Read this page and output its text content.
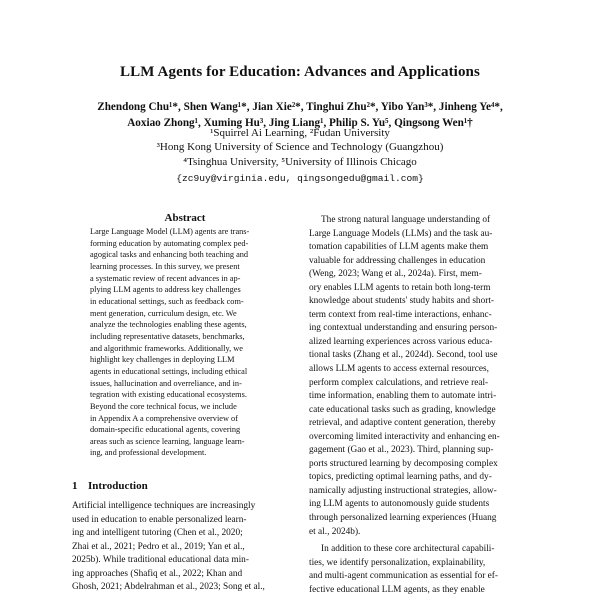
LLM Agents for Education: Advances and Applications
Zhendong Chu¹*, Shen Wang¹*, Jian Xie²*, Tinghui Zhu²*, Yibo Yan³*, Jinheng Ye⁴*,
Aoxiao Zhong¹, Xuming Hu³, Jing Liang¹, Philip S. Yu⁵, Qingsong Wen¹†
¹Squirrel Ai Learning, ²Fudan University
³Hong Kong University of Science and Technology (Guangzhou)
⁴Tsinghua University, ⁵University of Illinois Chicago
{zc9uy@virginia.edu, qingsongedu@gmail.com}
Abstract
Large Language Model (LLM) agents are trans-
forming education by automating complex ped-
agogical tasks and enhancing both teaching and
learning processes. In this survey, we present
a systematic review of recent advances in ap-
plying LLM agents to address key challenges
in educational settings, such as feedback com-
ment generation, curriculum design, etc. We
analyze the technologies enabling these agents,
including representative datasets, benchmarks,
and algorithmic frameworks. Additionally, we
highlight key challenges in deploying LLM
agents in educational settings, including ethical
issues, hallucination and overreliance, and in-
tegration with existing educational ecosystems.
Beyond the core technical focus, we include
in Appendix A a comprehensive overview of
domain-specific educational agents, covering
areas such as science learning, language learn-
ing, and professional development.
1 Introduction
Artificial intelligence techniques are increasingly
used in education to enable personalized learn-
ing and intelligent tutoring (Chen et al., 2020;
Zhai et al., 2021; Pedro et al., 2019; Yan et al.,
2025b). While traditional educational data min-
ing approaches (Shafiq et al., 2022; Khan and
Ghosh, 2021; Abdelrahman et al., 2023; Song et al.,
The strong natural language understanding of
Large Language Models (LLMs) and the task au-
tomation capabilities of LLM agents make them
valuable for addressing challenges in education
(Weng, 2023; Wang et al., 2024a). First, mem-
ory enables LLM agents to retain both long-term
knowledge about students' study habits and short-
term context from real-time interactions, enhanc-
ing contextual understanding and ensuring person-
alized learning experiences across various educa-
tional tasks (Zhang et al., 2024d). Second, tool use
allows LLM agents to access external resources,
perform complex calculations, and retrieve real-
time information, enabling them to automate intri-
cate educational tasks such as grading, knowledge
retrieval, and adaptive content generation, thereby
overcoming limited interactivity and enhancing en-
gagement (Gao et al., 2023). Third, planning sup-
ports structured learning by decomposing complex
topics, predicting optimal learning paths, and dy-
namically adjusting instructional strategies, allow-
ing LLM agents to autonomously guide students
through personalized learning experiences (Huang
et al., 2024b).
In addition to these core architectural capabili-
ties, we identify personalization, explainability,
and multi-agent communication as essential for ef-
fective educational LLM agents, as they enable
